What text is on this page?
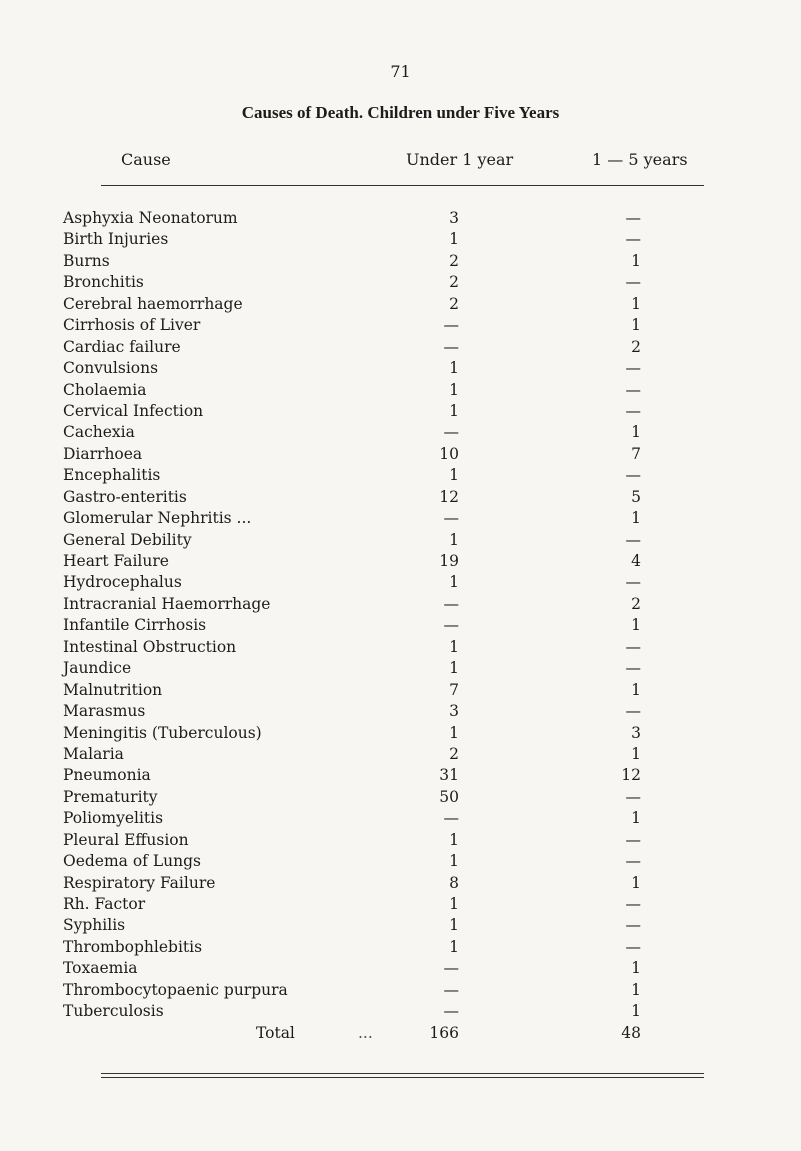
71
Causes of Death. Children under Five Years
Cause	Under 1 year	1 — 5 years
Asphyxia Neonatorum	3	—
Birth Injuries	1	—
Burns	2	1
Bronchitis	2	—
Cerebral haemorrhage	2	1
Cirrhosis of Liver	—	1
Cardiac failure	—	2
Convulsions	1	—
Cholaemia	1	—
Cervical Infection	1	—
Cachexia	—	1
Diarrhoea	10	7
Encephalitis	1	—
Gastro-enteritis	12	5
Glomerular Nephritis ...	—	1
General Debility	1	—
Heart Failure	19	4
Hydrocephalus	1	—
Intracranial Haemorrhage	—	2
Infantile Cirrhosis	—	1
Intestinal Obstruction	1	—
Jaundice	1	—
Malnutrition	7	1
Marasmus	3	—
Meningitis (Tuberculous)	1	3
Malaria	2	1
Pneumonia	31	12
Prematurity	50	—
Poliomyelitis	—	1
Pleural Effusion	1	—
Oedema of Lungs	1	—
Respiratory Failure	8	1
Rh. Factor	1	—
Syphilis	1	—
Thrombophlebitis	1	—
Toxaemia	—	1
Thrombocytopaenic purpura	—	1
Tuberculosis	—	1
Total	...	166	48
